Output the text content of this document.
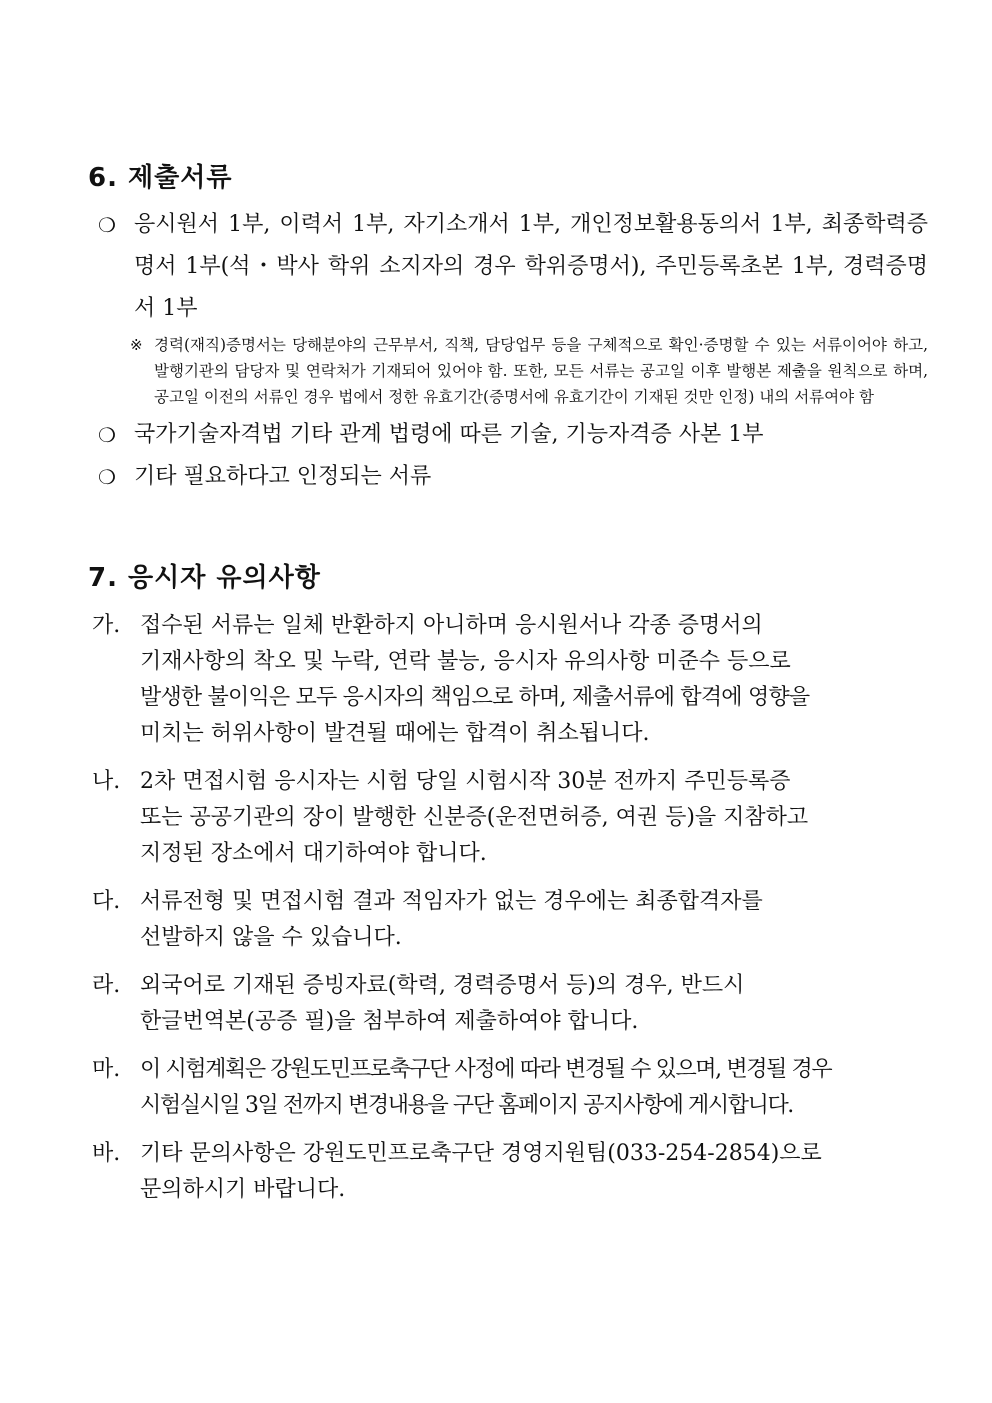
6. 제출서류
❍ 응시원서 1부, 이력서 1부, 자기소개서 1부, 개인정보활용동의서 1부, 최종학력증명서 1부(석・박사 학위 소지자의 경우 학위증명서), 주민등록초본 1부, 경력증명서 1부
※ 경력(재직)증명서는 당해분야의 근무부서, 직책, 담당업무 등을 구체적으로 확인·증명할 수 있는 서류이어야 하고, 발행기관의 담당자 및 연락처가 기재되어 있어야 함. 또한, 모든 서류는 공고일 이후 발행본 제출을 원칙으로 하며, 공고일 이전의 서류인 경우 법에서 정한 유효기간(증명서에 유효기간이 기재된 것만 인정) 내의 서류여야 함
❍ 국가기술자격법 기타 관계 법령에 따른 기술, 기능자격증 사본 1부
❍ 기타 필요하다고 인정되는 서류
7. 응시자 유의사항
가. 접수된 서류는 일체 반환하지 아니하며 응시원서나 각종 증명서의
기재사항의 착오 및 누락, 연락 불능, 응시자 유의사항 미준수 등으로
발생한 불이익은 모두 응시자의 책임으로 하며, 제출서류에 합격에 영향을
미치는 허위사항이 발견될 때에는 합격이 취소됩니다.
나. 2차 면접시험 응시자는 시험 당일 시험시작 30분 전까지 주민등록증
또는 공공기관의 장이 발행한 신분증(운전면허증, 여권 등)을 지참하고
지정된 장소에서 대기하여야 합니다.
다. 서류전형 및 면접시험 결과 적임자가 없는 경우에는 최종합격자를
선발하지 않을 수 있습니다.
라. 외국어로 기재된 증빙자료(학력, 경력증명서 등)의 경우, 반드시
한글번역본(공증 필)을 첨부하여 제출하여야 합니다.
마. 이 시험계획은 강원도민프로축구단 사정에 따라 변경될 수 있으며, 변경될 경우
시험실시일 3일 전까지 변경내용을 구단 홈페이지 공지사항에 게시합니다.
바. 기타 문의사항은 강원도민프로축구단 경영지원팀(033-254-2854)으로
문의하시기 바랍니다.
